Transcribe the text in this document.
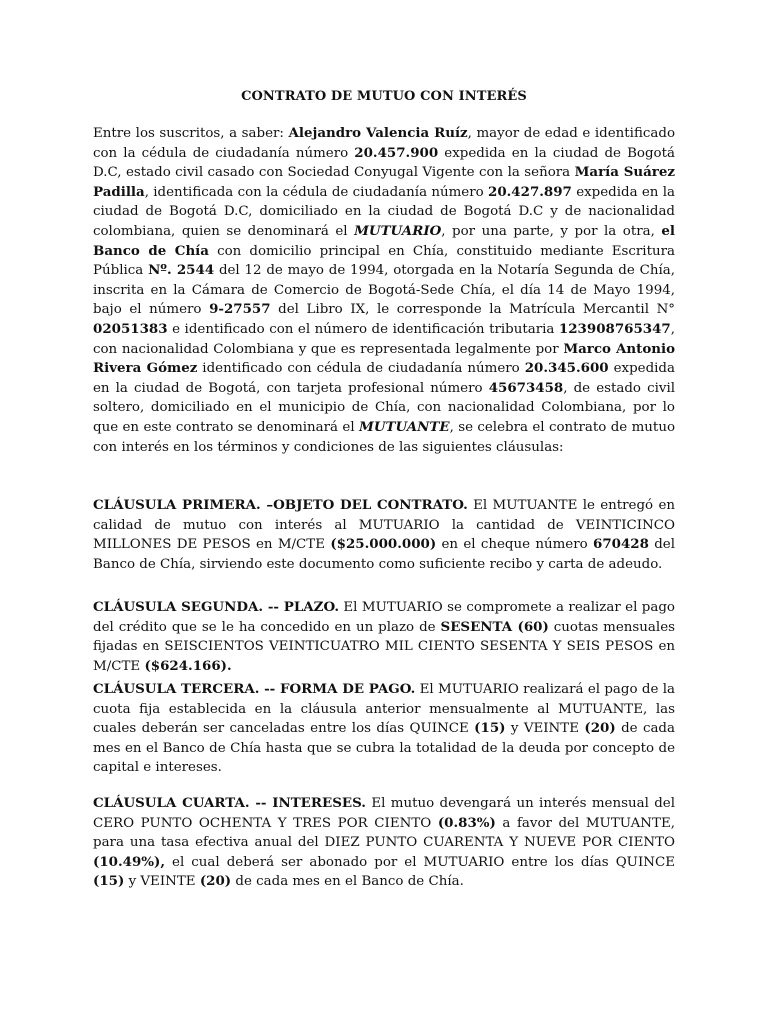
CONTRATO DE MUTUO CON INTERÉS
Entre los suscritos, a saber: Alejandro Valencia Ruíz, mayor de edad e identificado con la cédula de ciudadanía número 20.457.900 expedida en la ciudad de Bogotá D.C, estado civil casado con Sociedad Conyugal Vigente con la señora María Suárez Padilla, identificada con la cédula de ciudadanía número 20.427.897 expedida en la ciudad de Bogotá D.C, domiciliado en la ciudad de Bogotá D.C y de nacionalidad colombiana, quien se denominará el MUTUARIO, por una parte, y por la otra, el Banco de Chía con domicilio principal en Chía, constituido mediante Escritura Pública Nº. 2544 del 12 de mayo de 1994, otorgada en la Notaría Segunda de Chía, inscrita en la Cámara de Comercio de Bogotá-Sede Chía, el día 14 de Mayo 1994, bajo el número 9-27557 del Libro IX, le corresponde la Matrícula Mercantil N° 02051383 e identificado con el número de identificación tributaria 123908765347, con nacionalidad Colombiana y que es representada legalmente por Marco Antonio Rivera Gómez identificado con cédula de ciudadanía número 20.345.600 expedida en la ciudad de Bogotá, con tarjeta profesional número 45673458, de estado civil soltero, domiciliado en el municipio de Chía, con nacionalidad Colombiana, por lo que en este contrato se denominará el MUTUANTE, se celebra el contrato de mutuo con interés en los términos y condiciones de las siguientes cláusulas:
CLÁUSULA PRIMERA. –OBJETO DEL CONTRATO. El MUTUANTE le entregó en calidad de mutuo con interés al MUTUARIO la cantidad de VEINTICINCO MILLONES DE PESOS en M/CTE ($25.000.000) en el cheque número 670428 del Banco de Chía, sirviendo este documento como suficiente recibo y carta de adeudo.
CLÁUSULA SEGUNDA. -- PLAZO. El MUTUARIO se compromete a realizar el pago del crédito que se le ha concedido en un plazo de SESENTA (60) cuotas mensuales fijadas en SEISCIENTOS VEINTICUATRO MIL CIENTO SESENTA Y SEIS PESOS en M/CTE ($624.166).
CLÁUSULA TERCERA. -- FORMA DE PAGO. El MUTUARIO realizará el pago de la cuota fija establecida en la cláusula anterior mensualmente al MUTUANTE, las cuales deberán ser canceladas entre los días QUINCE (15) y VEINTE (20) de cada mes en el Banco de Chía hasta que se cubra la totalidad de la deuda por concepto de capital e intereses.
CLÁUSULA CUARTA. -- INTERESES. El mutuo devengará un interés mensual del CERO PUNTO OCHENTA Y TRES POR CIENTO (0.83%) a favor del MUTUANTE, para una tasa efectiva anual del DIEZ PUNTO CUARENTA Y NUEVE POR CIENTO (10.49%), el cual deberá ser abonado por el MUTUARIO entre los días QUINCE (15) y VEINTE (20) de cada mes en el Banco de Chía.
